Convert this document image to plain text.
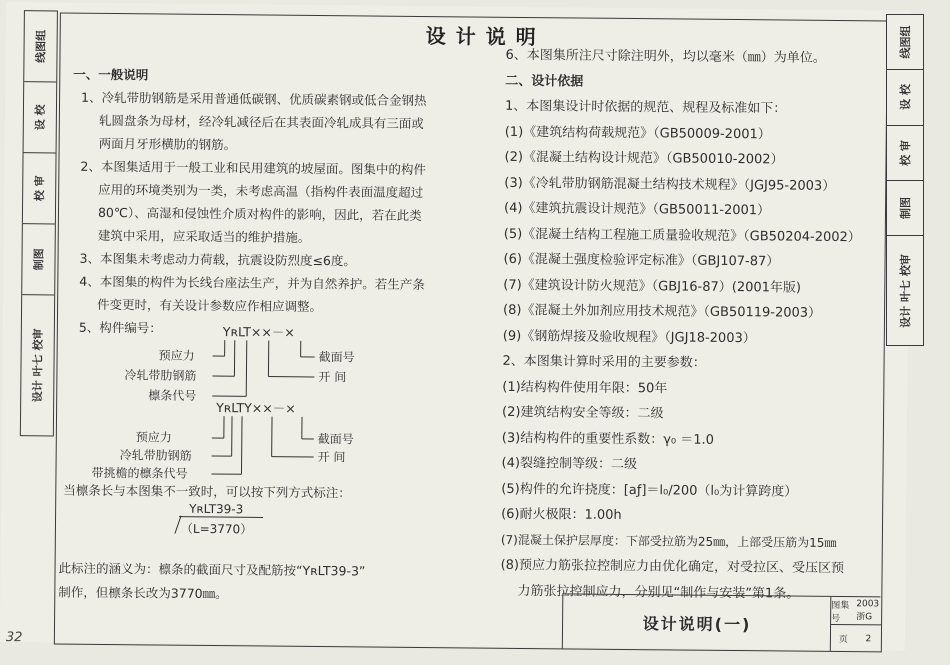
线图组
设 校
校 审
制图
设计 叶七 校审
设计说明
一、一般说明
1、冷轧带肋钢筋是采用普通低碳钢、优质碳素钢或低合金钢热
轧圆盘条为母材，经冷轧减径后在其表面冷轧成具有三面或
两面月牙形横肋的钢筋。
2、本图集适用于一般工业和民用建筑的坡屋面。图集中的构件
应用的环境类别为一类，未考虑高温（指构件表面温度超过
80℃）、高湿和侵蚀性介质对构件的影响，因此，若在此类
建筑中采用，应采取适当的维护措施。
3、本图集未考虑动力荷载，抗震设防烈度≤6度。
4、本图集的构件为长线台座法生产，并为自然养护。若生产条
件变更时，有关设计参数应作相应调整。
5、构件编号：	YʀLT××－×
预应力
冷轧带肋钢筋
檩条代号
截面号
开 间
YʀLTY××－×
预应力
冷轧带肋钢筋
带挑檐的檩条代号
截面号
开 间
当檩条长与本图集不一致时，可以按下列方式标注：
YʀLT39-3
（L=3770）
此标注的涵义为：檩条的截面尺寸及配筋按“YʀLT39-3”
制作，但檩条长改为3770㎜。
6、本图集所注尺寸除注明外，均以毫米（㎜）为单位。
二、设计依据
1、本图集设计时依据的规范、规程及标准如下：
(1)《建筑结构荷载规范》（GB50009-2001）
(2)《混凝土结构设计规范》（GB50010-2002）
(3)《冷轧带肋钢筋混凝土结构技术规程》（JGJ95-2003）
(4)《建筑抗震设计规范》（GB50011-2001）
(5)《混凝土结构工程施工质量验收规范》（GB50204-2002）
(6)《混凝土强度检验评定标准》（GBJ107-87）
(7)《建筑设计防火规范》（GBJ16-87）(2001年版)
(8)《混凝土外加剂应用技术规范》（GB50119-2003）
(9)《钢筋焊接及验收规程》（JGJ18-2003）
2、本图集计算时采用的主要参数：
(1)结构构件使用年限：50年
(2)建筑结构安全等级：二级
(3)结构构件的重要性系数：γ₀ ＝1.0
(4)裂缝控制等级：二级
(5)构件的允许挠度：[aƒ]＝l₀/200（l₀为计算跨度）
(6)耐火极限：1.00h
(7)混凝土保护层厚度：下部受拉筋为25㎜，上部受压筋为15㎜
(8)预应力筋张拉控制应力由优化确定，对受拉区、受压区预
　 力筋张拉控制应力，分别见“制作与安装”第1条。
设计说明(一)
图集号
2003浙G
页	2
32
线图组
设 校
校 审
制图
设计 叶七 校审
